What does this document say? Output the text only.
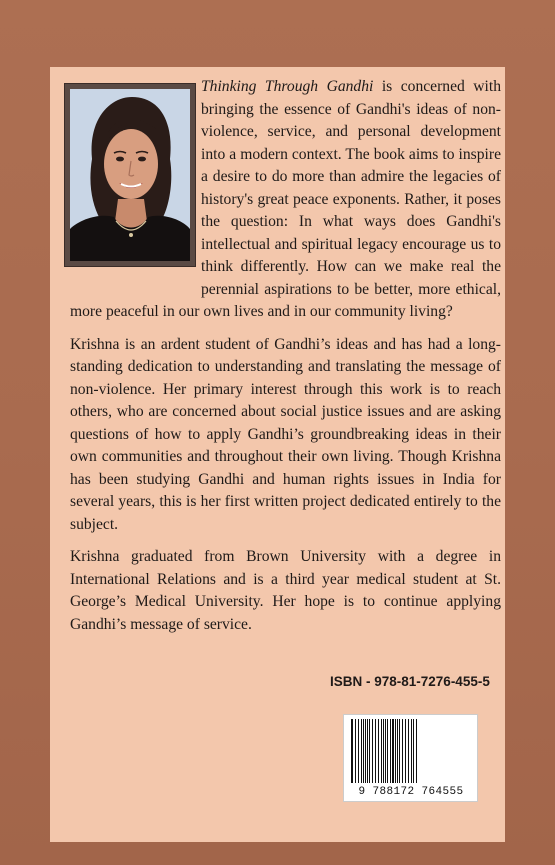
Thinking Through Gandhi is concerned with bringing the essence of Gandhi's ideas of non-violence, service, and personal development into a modern context. The book aims to inspire a desire to do more than admire the legacies of history's great peace exponents. Rather, it poses the question: In what ways does Gandhi's intellectual and spiritual legacy encourage us to think differently. How can we make real the perennial aspirations to be better, more ethical, more peaceful in our own lives and in our community living?

Krishna is an ardent student of Gandhi’s ideas and has had a long-standing dedication to understanding and translating the message of non-violence. Her primary interest through this work is to reach others, who are concerned about social justice issues and are asking questions of how to apply Gandhi’s groundbreaking ideas in their own communities and throughout their own living. Though Krishna has been studying Gandhi and human rights issues in India for several years, this is her first written project dedicated entirely to the subject.

Krishna graduated from Brown University with a degree in International Relations and is a third year medical student at St. George’s Medical University. Her hope is to continue applying Gandhi’s message of service.

ISBN - 978-81-7276-455-5
9 788172 764555
